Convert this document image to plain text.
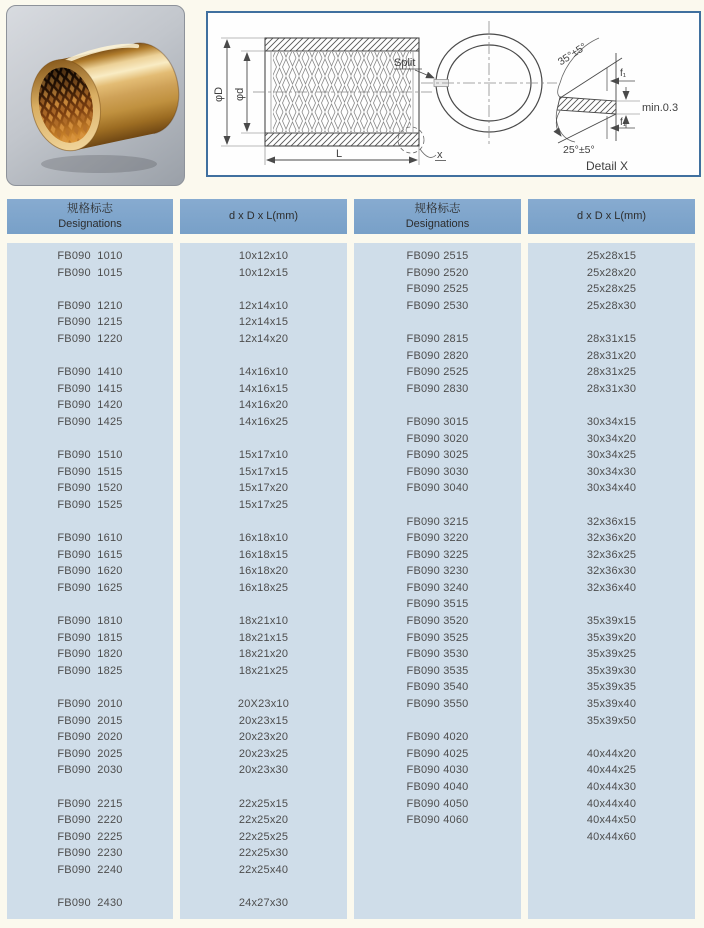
φD φd
L	x
Split	35°±5°
25°±5°
f₁
f₁
min.0.3
Detail X
规格标志
Designations
d x D x L(mm)
规格标志
Designations
d x D x L(mm)
FB090  1010
FB090  1015
FB090  1210
FB090  1215
FB090  1220
FB090  1410
FB090  1415
FB090  1420
FB090  1425
FB090  1510
FB090  1515
FB090  1520
FB090  1525
FB090  1610
FB090  1615
FB090  1620
FB090  1625
FB090  1810
FB090  1815
FB090  1820
FB090  1825
FB090  2010
FB090  2015
FB090  2020
FB090  2025
FB090  2030
FB090  2215
FB090  2220
FB090  2225
FB090  2230
FB090  2240
FB090  2430
10x12x10
10x12x15
12x14x10
12x14x15
12x14x20
14x16x10
14x16x15
14x16x20
14x16x25
15x17x10
15x17x15
15x17x20
15x17x25
16x18x10
16x18x15
16x18x20
16x18x25
18x21x10
18x21x15
18x21x20
18x21x25
20X23x10
20x23x15
20x23x20
20x23x25
20x23x30
22x25x15
22x25x20
22x25x25
22x25x30
22x25x40
24x27x30
FB090 2515
FB090 2520
FB090 2525
FB090 2530
FB090 2815
FB090 2820
FB090 2525
FB090 2830
FB090 3015
FB090 3020
FB090 3025
FB090 3030
FB090 3040
FB090 3215
FB090 3220
FB090 3225
FB090 3230
FB090 3240
FB090 3515
FB090 3520
FB090 3525
FB090 3530
FB090 3535
FB090 3540
FB090 3550
FB090 4020
FB090 4025
FB090 4030
FB090 4040
FB090 4050
FB090 4060
25x28x15
25x28x20
25x28x25
25x28x30
28x31x15
28x31x20
28x31x25
28x31x30
30x34x15
30x34x20
30x34x25
30x34x30
30x34x40
32x36x15
32x36x20
32x36x25
32x36x30
32x36x40
35x39x15
35x39x20
35x39x25
35x39x30
35x39x35
35x39x40
35x39x50
40x44x20
40x44x25
40x44x30
40x44x40
40x44x50
40x44x60
